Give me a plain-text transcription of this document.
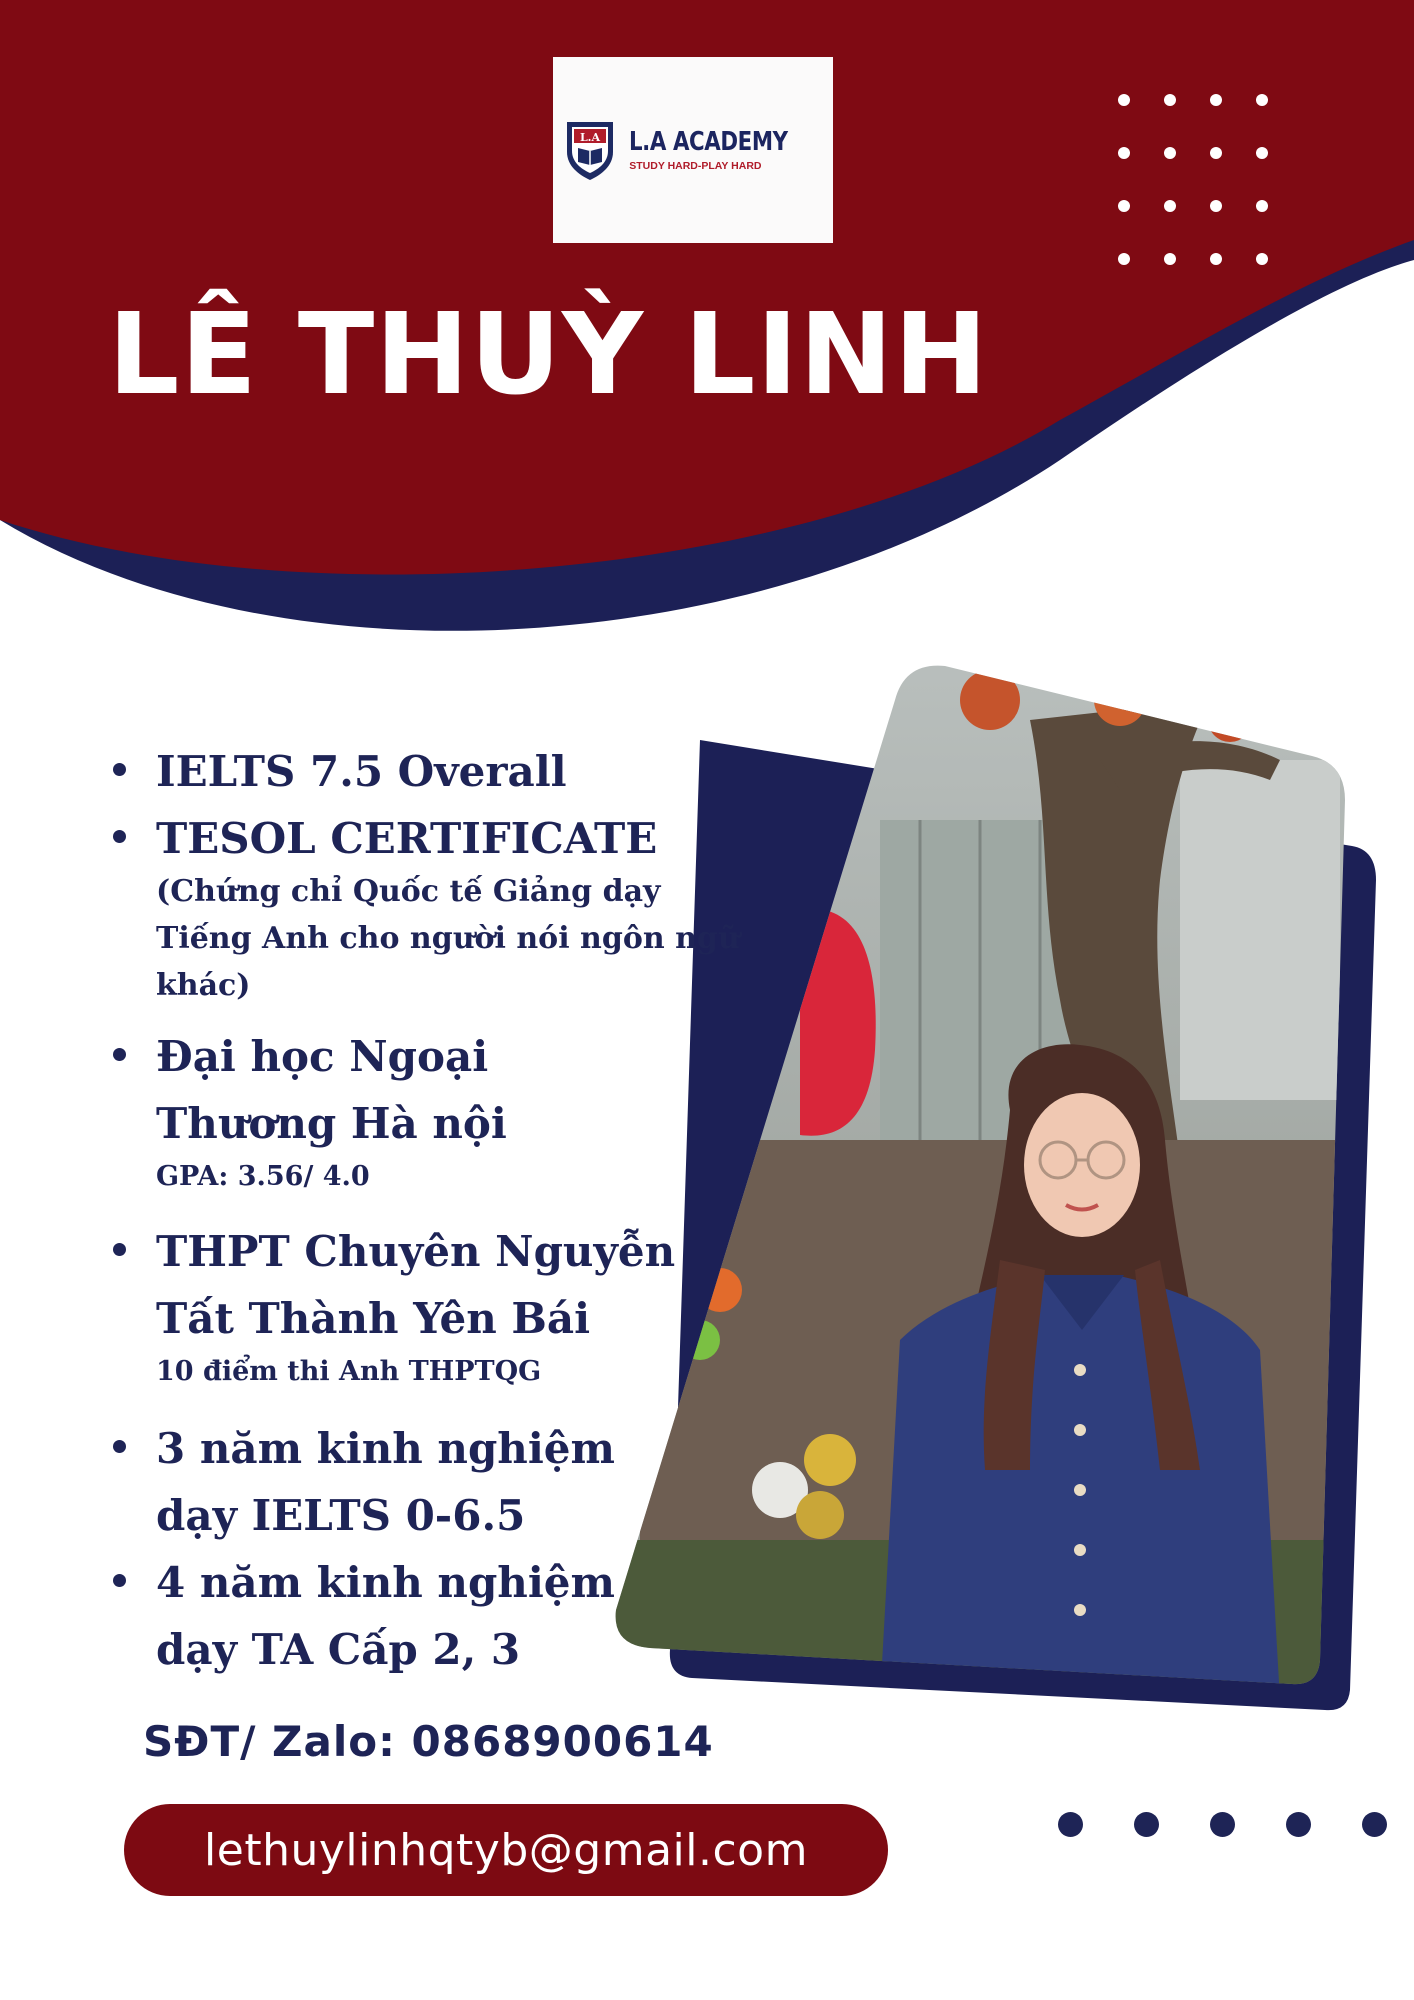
L.A L.A ACADEMY
STUDY HARD-PLAY HARD
LÊ THUỲ LINH
IELTS 7.5 Overall
TESOL CERTIFICATE
(Chứng chỉ Quốc tế Giảng dạy Tiếng Anh cho người nói ngôn ngữ khác)
Đại học Ngoại Thương Hà nội
GPA: 3.56/ 4.0
THPT Chuyên Nguyễn Tất Thành Yên Bái
10 điểm thi Anh THPTQG
3 năm kinh nghiệm dạy IELTS 0-6.5
4 năm kinh nghiệm dạy TA Cấp 2, 3
SĐT/ Zalo: 0868900614
lethuylinhqtyb@gmail.com
